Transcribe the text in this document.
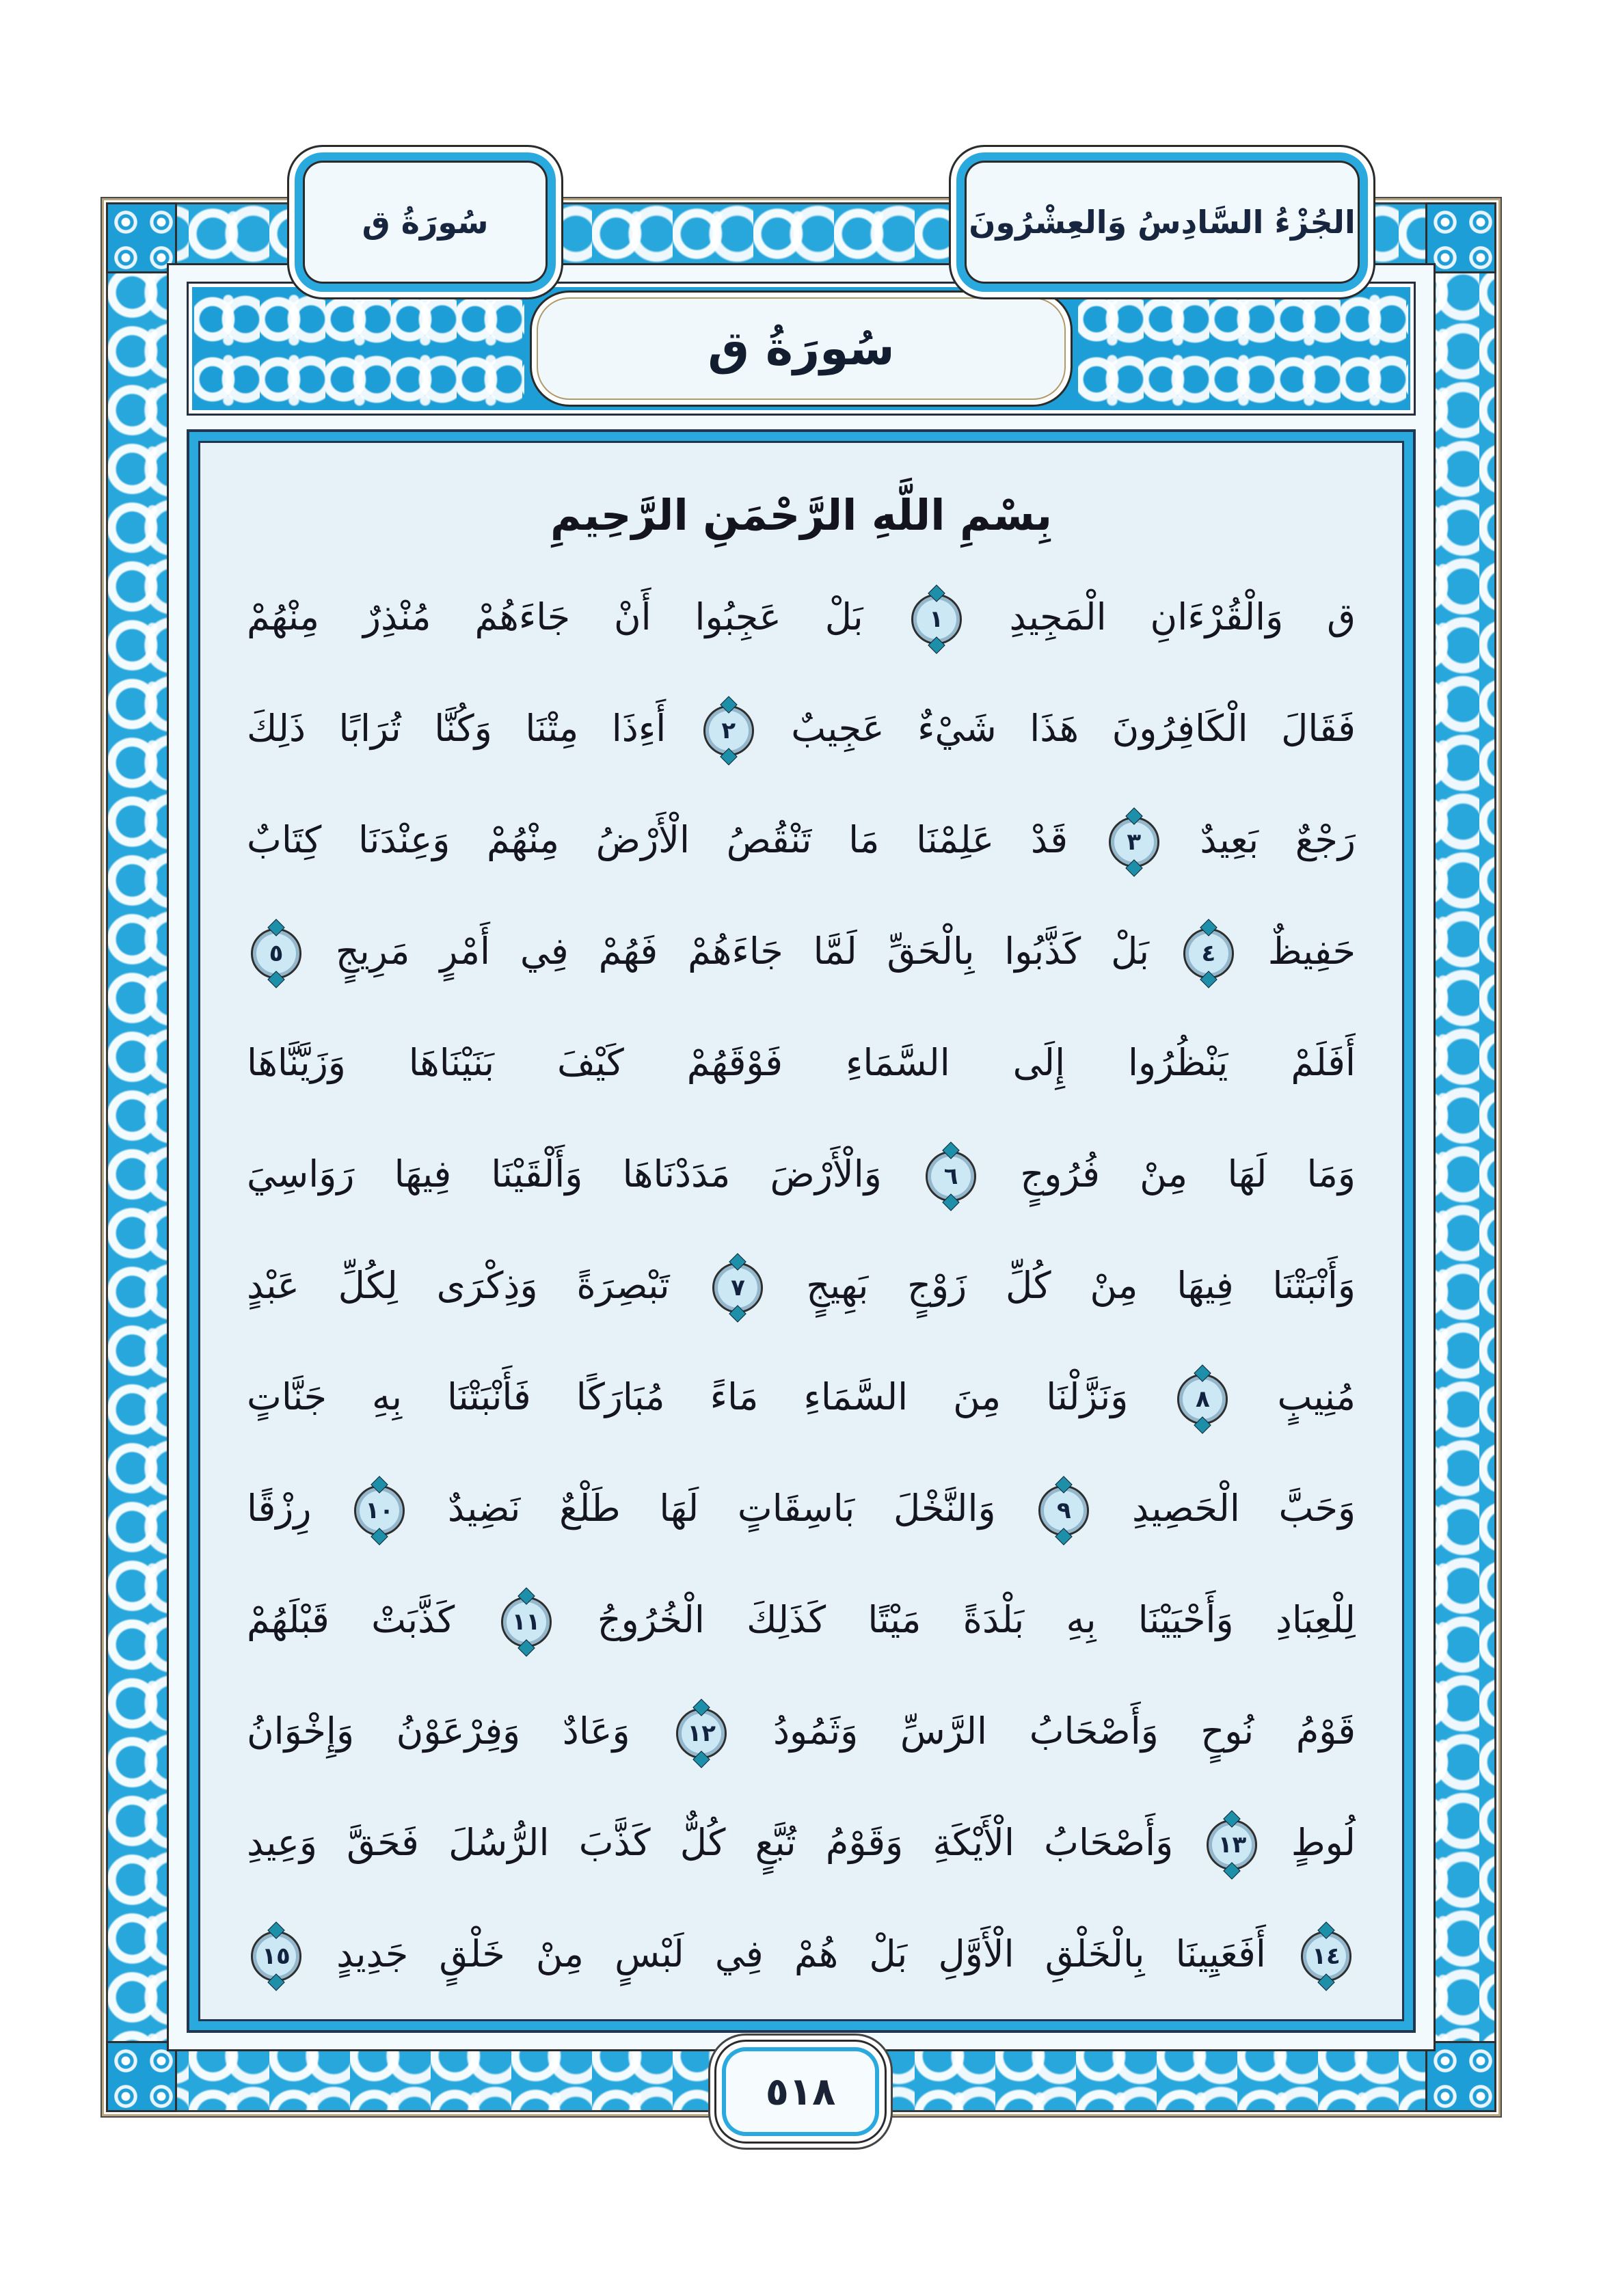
سُورَةُ ق	الجُزْءُ السَّادِسُ وَالعِشْرُونَ
سُورَةُ ق
بِسْمِ اللَّهِ الرَّحْمَنِ الرَّحِيمِ
ق وَالْقُرْءَانِ الْمَجِيدِ
١
بَلْ عَجِبُوا أَنْ جَاءَهُمْ مُنْذِرٌ مِنْهُمْ
فَقَالَ الْكَافِرُونَ هَذَا شَيْءٌ عَجِيبٌ
٢
أَءِذَا مِتْنَا وَكُنَّا تُرَابًا ذَلِكَ
رَجْعٌ بَعِيدٌ
٣
قَدْ عَلِمْنَا مَا تَنْقُصُ الْأَرْضُ مِنْهُمْ وَعِنْدَنَا كِتَابٌ
حَفِيظٌ
٤
بَلْ كَذَّبُوا بِالْحَقِّ لَمَّا جَاءَهُمْ فَهُمْ فِي أَمْرٍ مَرِيجٍ
٥
أَفَلَمْ يَنْظُرُوا إِلَى السَّمَاءِ فَوْقَهُمْ كَيْفَ بَنَيْنَاهَا وَزَيَّنَّاهَا
وَمَا لَهَا مِنْ فُرُوجٍ
٦
وَالْأَرْضَ مَدَدْنَاهَا وَأَلْقَيْنَا فِيهَا رَوَاسِيَ
وَأَنْبَتْنَا فِيهَا مِنْ كُلِّ زَوْجٍ بَهِيجٍ
٧
تَبْصِرَةً وَذِكْرَى لِكُلِّ عَبْدٍ
مُنِيبٍ
٨
وَنَزَّلْنَا مِنَ السَّمَاءِ مَاءً مُبَارَكًا فَأَنْبَتْنَا بِهِ جَنَّاتٍ
وَحَبَّ الْحَصِيدِ
٩
وَالنَّخْلَ بَاسِقَاتٍ لَهَا طَلْعٌ نَضِيدٌ
١٠
رِزْقًا
لِلْعِبَادِ وَأَحْيَيْنَا بِهِ بَلْدَةً مَيْتًا كَذَلِكَ الْخُرُوجُ
١١
كَذَّبَتْ قَبْلَهُمْ
قَوْمُ نُوحٍ وَأَصْحَابُ الرَّسِّ وَثَمُودُ
١٢
وَعَادٌ وَفِرْعَوْنُ وَإِخْوَانُ
لُوطٍ
١٣
وَأَصْحَابُ الْأَيْكَةِ وَقَوْمُ تُبَّعٍ كُلٌّ كَذَّبَ الرُّسُلَ فَحَقَّ وَعِيدِ
١٤
أَفَعَيِينَا بِالْخَلْقِ الْأَوَّلِ بَلْ هُمْ فِي لَبْسٍ مِنْ خَلْقٍ جَدِيدٍ
١٥
٥١٨
